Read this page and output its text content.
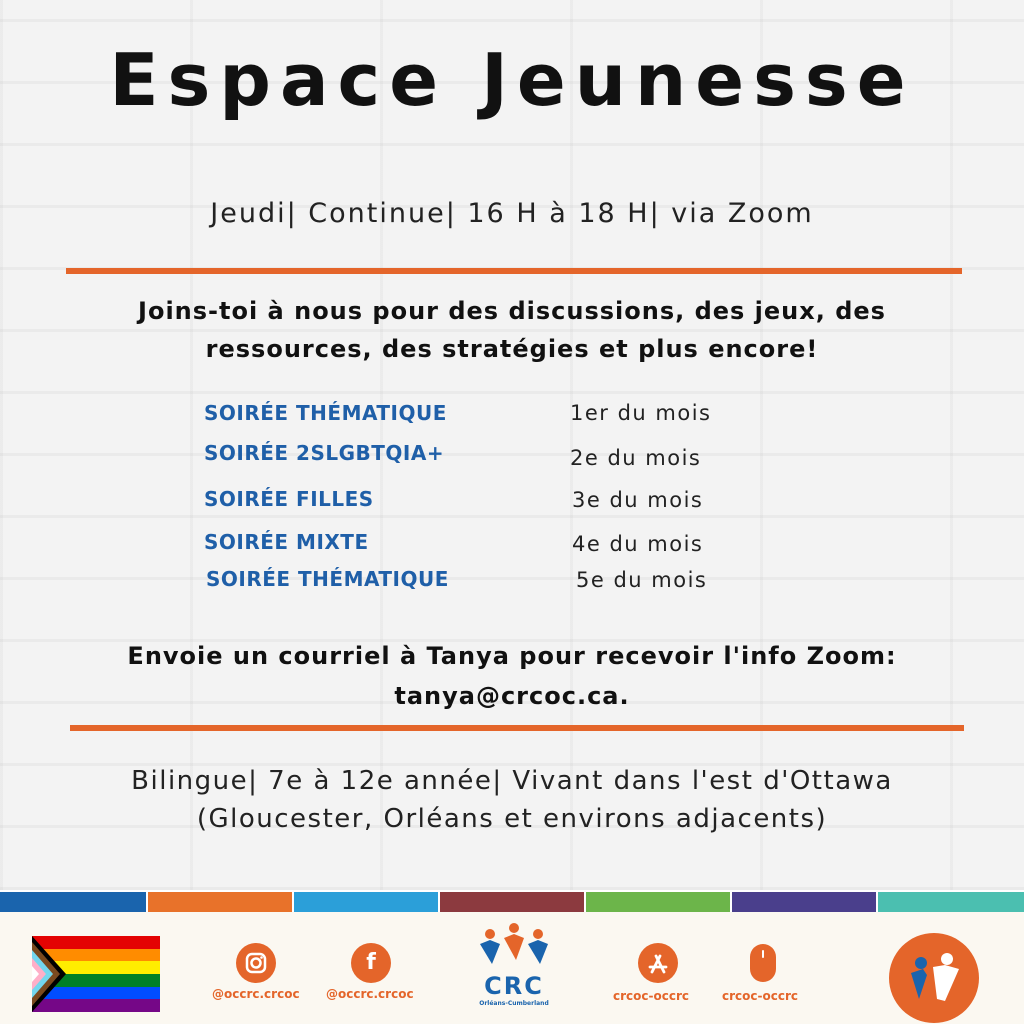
Espace Jeunesse
Jeudi| Continue| 16 H à 18 H| via Zoom
Joins-toi à nous pour des discussions, des jeux, des ressources, des stratégies et plus encore!
SOIRÉE THÉMATIQUE	1er du mois
SOIRÉE 2SLGBTQIA+	2e du mois
SOIRÉE FILLES	3e du mois
SOIRÉE MIXTE	4e du mois
SOIRÉE THÉMATIQUE	5e du mois
Envoie un courriel à Tanya pour recevoir l'info Zoom:
tanya@crcoc.ca.
Bilingue| 7e à 12e année| Vivant dans l'est d'Ottawa
(Gloucester, Orléans et environs adjacents)
@occrc.crcoc
f
@occrc.crcoc	CRC
Orléans-Cumberland
crcoc-occrc	crcoc-occrc
